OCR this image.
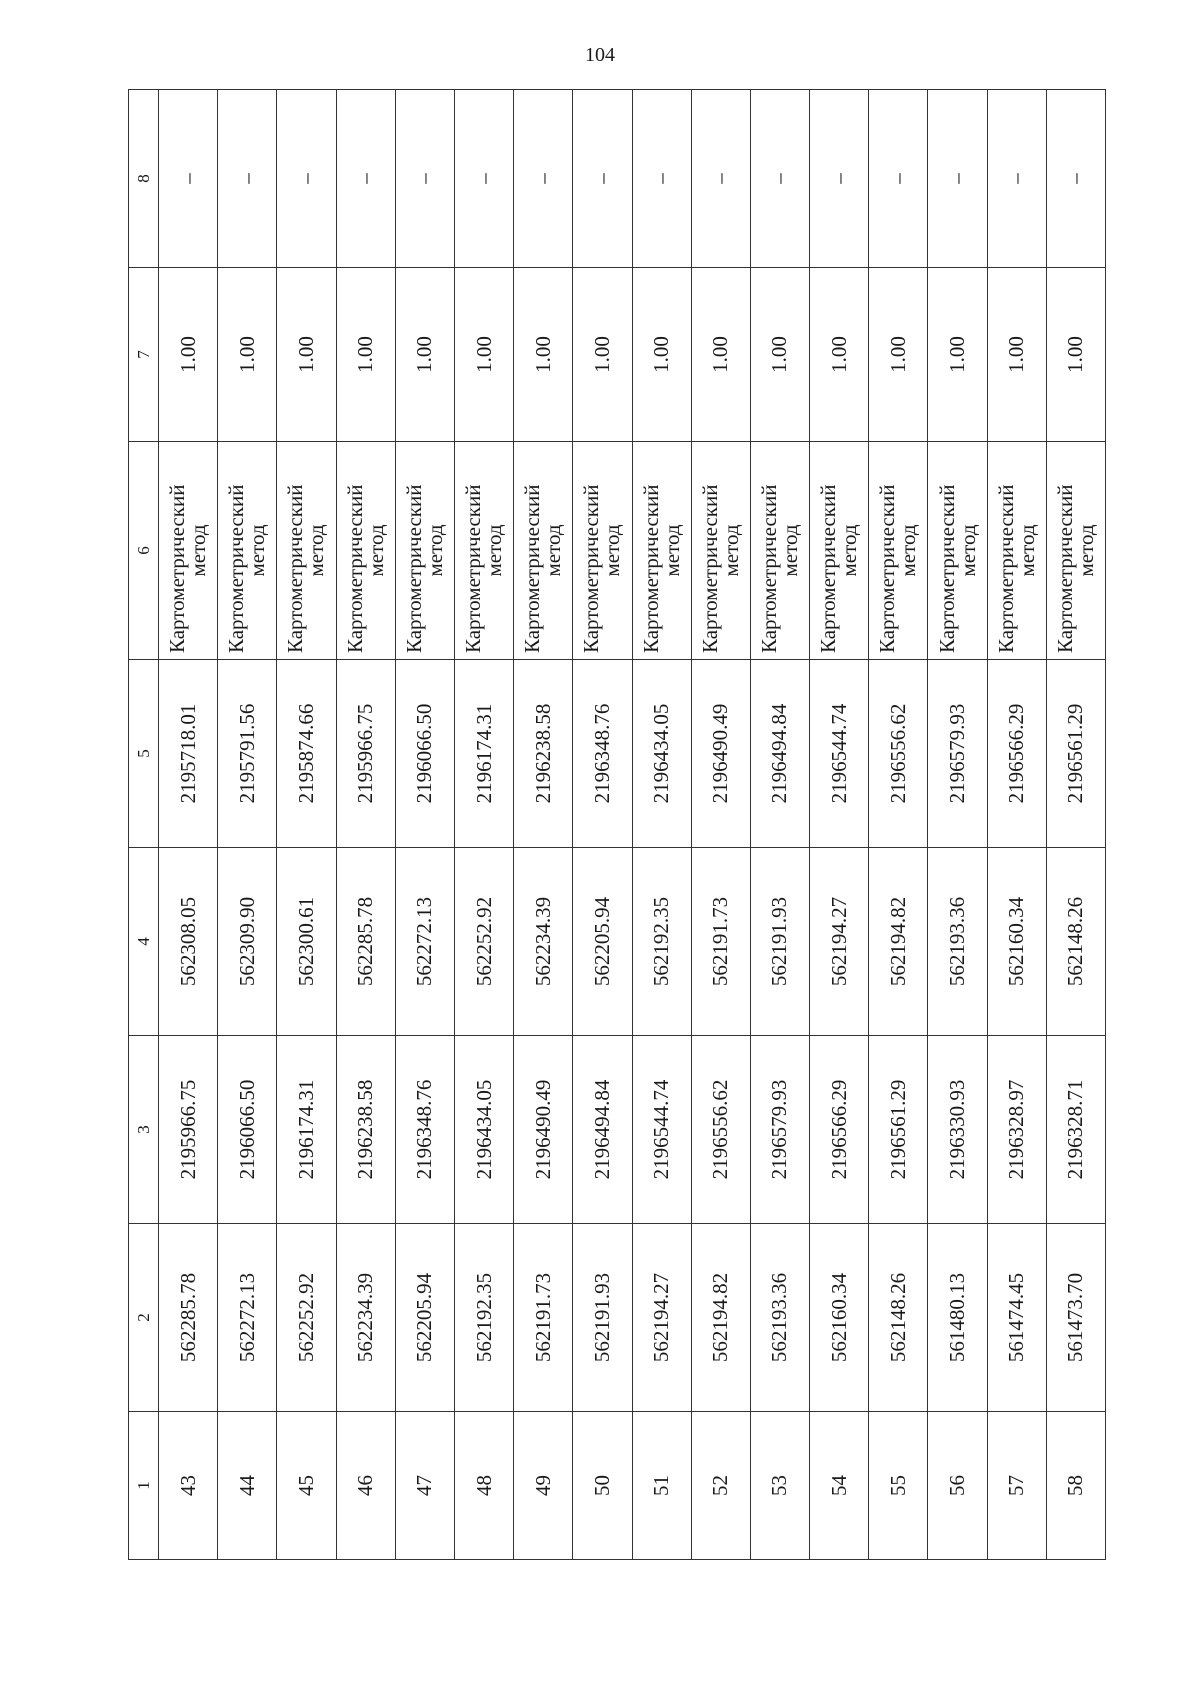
104
1	2	3	4	5	6	7	8
43	562285.78	2195966.75	562308.05	2195718.01	Картометрический
метод	1.00	–
44	562272.13	2196066.50	562309.90	2195791.56	Картометрический
метод	1.00	–
45	562252.92	2196174.31	562300.61	2195874.66	Картометрический
метод	1.00	–
46	562234.39	2196238.58	562285.78	2195966.75	Картометрический
метод	1.00	–
47	562205.94	2196348.76	562272.13	2196066.50	Картометрический
метод	1.00	–
48	562192.35	2196434.05	562252.92	2196174.31	Картометрический
метод	1.00	–
49	562191.73	2196490.49	562234.39	2196238.58	Картометрический
метод	1.00	–
50	562191.93	2196494.84	562205.94	2196348.76	Картометрический
метод	1.00	–
51	562194.27	2196544.74	562192.35	2196434.05	Картометрический
метод	1.00	–
52	562194.82	2196556.62	562191.73	2196490.49	Картометрический
метод	1.00	–
53	562193.36	2196579.93	562191.93	2196494.84	Картометрический
метод	1.00	–
54	562160.34	2196566.29	562194.27	2196544.74	Картометрический
метод	1.00	–
55	562148.26	2196561.29	562194.82	2196556.62	Картометрический
метод	1.00	–
56	561480.13	2196330.93	562193.36	2196579.93	Картометрический
метод	1.00	–
57	561474.45	2196328.97	562160.34	2196566.29	Картометрический
метод	1.00	–
58	561473.70	2196328.71	562148.26	2196561.29	Картометрический
метод	1.00	–
